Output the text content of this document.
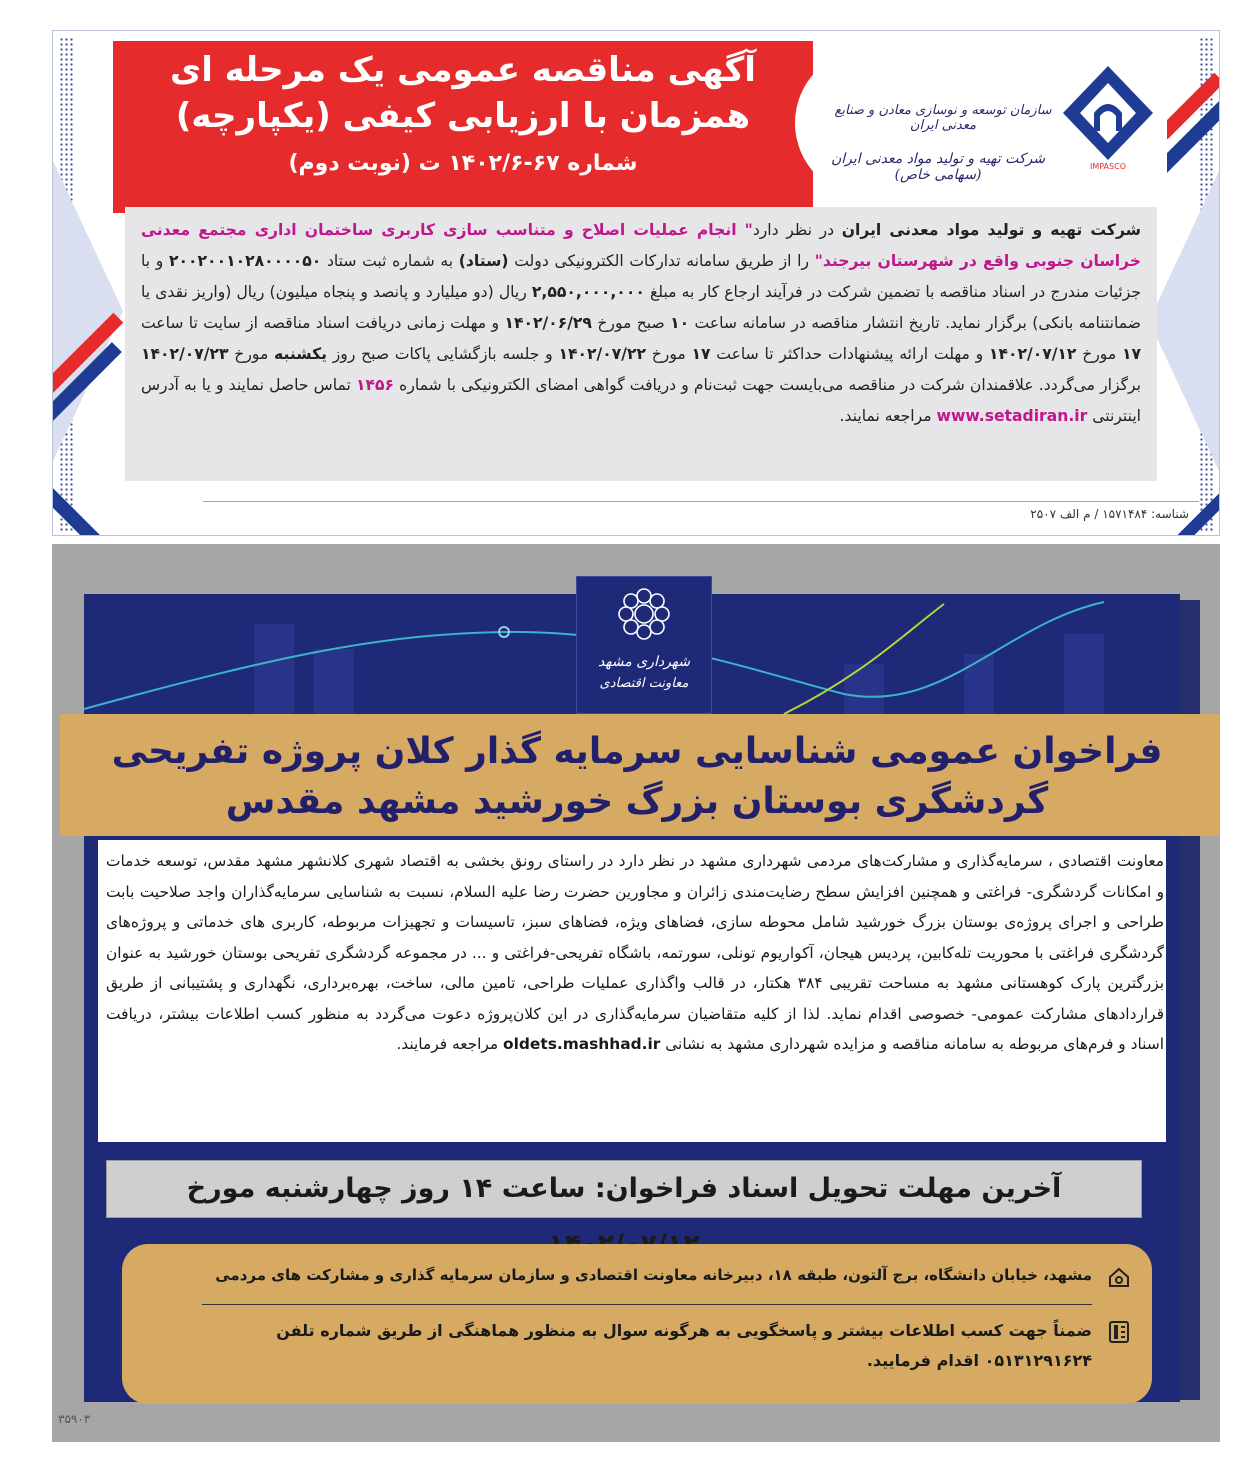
آگهی مناقصه عمومی یک مرحله ای
همزمان با ارزیابی کیفی (یکپارچه)
شماره ۶۷-۱۴۰۲/۶ ت (نوبت دوم)	IMPASCO
سازمان توسعه و نوسازی معادن و صنایع معدنی ایران
شرکت تهیه و تولید مواد معدنی ایران (سهامی خاص)
شرکت تهیه و تولید مواد معدنی ایران در نظر دارد" انجام عملیات اصلاح و متناسب سازی کاربری ساختمان اداری مجتمع معدنی خراسان جنوبی واقع در شهرستان بیرجند" را از طریق سامانه تدارکات الکترونیکی دولت (ستاد) به شماره ثبت ستاد ۲۰۰۲۰۰۱۰۲۸۰۰۰۰۵۰ و با جزئیات مندرج در اسناد مناقصه با تضمین شرکت در فرآیند ارجاع کار به مبلغ ۲,۵۵۰,۰۰۰,۰۰۰ ریال (دو میلیارد و پانصد و پنجاه میلیون) ریال (واریز نقدی یا ضمانتنامه بانکی) برگزار نماید. تاریخ انتشار مناقصه در سامانه ساعت ۱۰ صبح مورخ ۱۴۰۲/۰۶/۲۹ و مهلت زمانی دریافت اسناد مناقصه از سایت تا ساعت ۱۷ مورخ ۱۴۰۲/۰۷/۱۲ و مهلت ارائه پیشنهادات حداکثر تا ساعت ۱۷ مورخ ۱۴۰۲/۰۷/۲۲ و جلسه بازگشایی پاکات صبح روز یکشنبه مورخ ۱۴۰۲/۰۷/۲۳ برگزار می‌گردد. علاقمندان شرکت در مناقصه می‌بایست جهت ثبت‌نام و دریافت گواهی امضای الکترونیکی با شماره ۱۴۵۶ تماس حاصل نمایند و یا به آدرس اینترنتی www.setadiran.ir مراجعه نمایند.
شناسه: ۱۵۷۱۴۸۴ / م الف ۲۵۰۷
شهرداری مشهد
معاونت اقتصادی
فراخوان عمومی شناسایی سرمایه گذار کلان پروژه تفریحی
گردشگری بوستان بزرگ خورشید مشهد مقدس
معاونت اقتصادی ، سرمایه‌گذاری و مشارکت‌های مردمی شهرداری مشهد در نظر دارد در راستای رونق بخشی به اقتصاد شهری کلانشهر مشهد مقدس، توسعه خدمات و امکانات گردشگری- فراغتی و همچنین افزایش سطح رضایت‌مندی زائران و مجاورین حضرت رضا علیه السلام، نسبت به شناسایی سرمایه‌گذاران واجد صلاحیت بابت طراحی و اجرای پروژه‌ی بوستان بزرگ خورشید شامل محوطه سازی، فضاهای ویژه، فضاهای سبز، تاسیسات و تجهیزات مربوطه، کاربری های خدماتی و پروژه‌های گردشگری فراغتی با محوریت تله‌کابین، پردیس هیجان، آکواریوم تونلی، سورتمه، باشگاه تفریحی-فراغتی و ... در مجموعه گردشگری تفریحی بوستان خورشید به عنوان بزرگترین پارک کوهستانی مشهد به مساحت تقریبی ۳۸۴ هکتار، در قالب واگذاری عملیات طراحی، تامین مالی، ساخت، بهره‌برداری، نگهداری و پشتیبانی از طریق قراردادهای مشارکت عمومی- خصوصی اقدام نماید. لذا از کلیه متقاضیان سرمایه‌گذاری در این کلان‌پروژه دعوت می‌گردد به منظور کسب اطلاعات بیشتر، دریافت اسناد و فرم‌های مربوطه به سامانه مناقصه و مزایده شهرداری مشهد به نشانی oldets.mashhad.ir مراجعه فرمایند.
آخرین مهلت تحویل اسناد فراخوان: ساعت ۱۴ روز چهارشنبه مورخ
مشهد، خیابان دانشگاه، برج آلتون، طبقه ۱۸، دبیرخانه معاونت اقتصادی و سازمان سرمایه گذاری و مشارکت های مردمی
ضمناً جهت کسب اطلاعات بیشتر و پاسخگویی به هرگونه سوال به منظور هماهنگی از طریق شماره تلفن
۰۵۱۳۱۲۹۱۶۲۴ اقدام فرمایید.
۳۵۹۰۳
